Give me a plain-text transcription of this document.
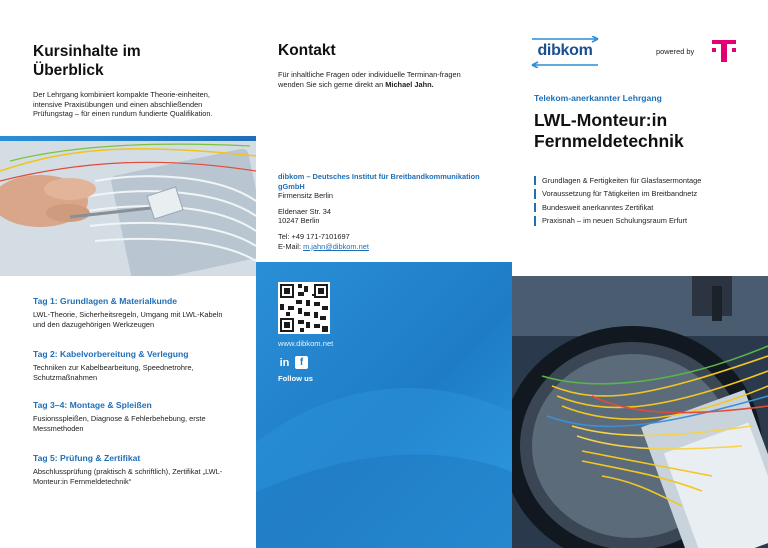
Kursinhalte im
Überblick
Der Lehrgang kombiniert kompakte Theorie-einheiten, intensive Praxisübungen und einen abschließenden Prüfungstag – für einen rundum fundierte Qualifikation.
Tag 1: Grundlagen & Materialkunde
LWL-Theorie, Sicherheitsregeln, Umgang mit LWL-Kabeln und den dazugehörigen Werkzeugen
Tag 2: Kabelvorbereitung & Verlegung
Techniken zur Kabelbearbeitung, Speednetrohre, Schutzmaßnahmen
Tag 3–4: Montage & Spleißen
Fusionsspleißen, Diagnose & Fehlerbehebung, erste Messmethoden
Tag 5: Prüfung & Zertifikat
Abschlussprüfung (praktisch & schriftlich), Zertifikat „LWL-Monteur:in Fernmeldetechnik“
Kontakt
Für inhaltliche Fragen oder individuelle Terminan-fragen wenden Sie sich gerne direkt an Michael Jahn.
dibkom – Deutsches Institut für Breitbandkommunikation gGmbH
Firmensitz Berlin
Eldenaer Str. 34
10247 Berlin
Tel: +49 171-7101697
E-Mail: m.jahn@dibkom.net
www.dibkom.net
in	f
Follow us
dibkom	powered by
Telekom-anerkannter Lehrgang
LWL-Monteur:in
Fernmeldetechnik
Grundlagen & Fertigkeiten für Glasfasermontage
Voraussetzung für Tätigkeiten im Breitbandnetz
Bundesweit anerkanntes Zertifikat
Praxisnah – im neuen Schulungsraum Erfurt
